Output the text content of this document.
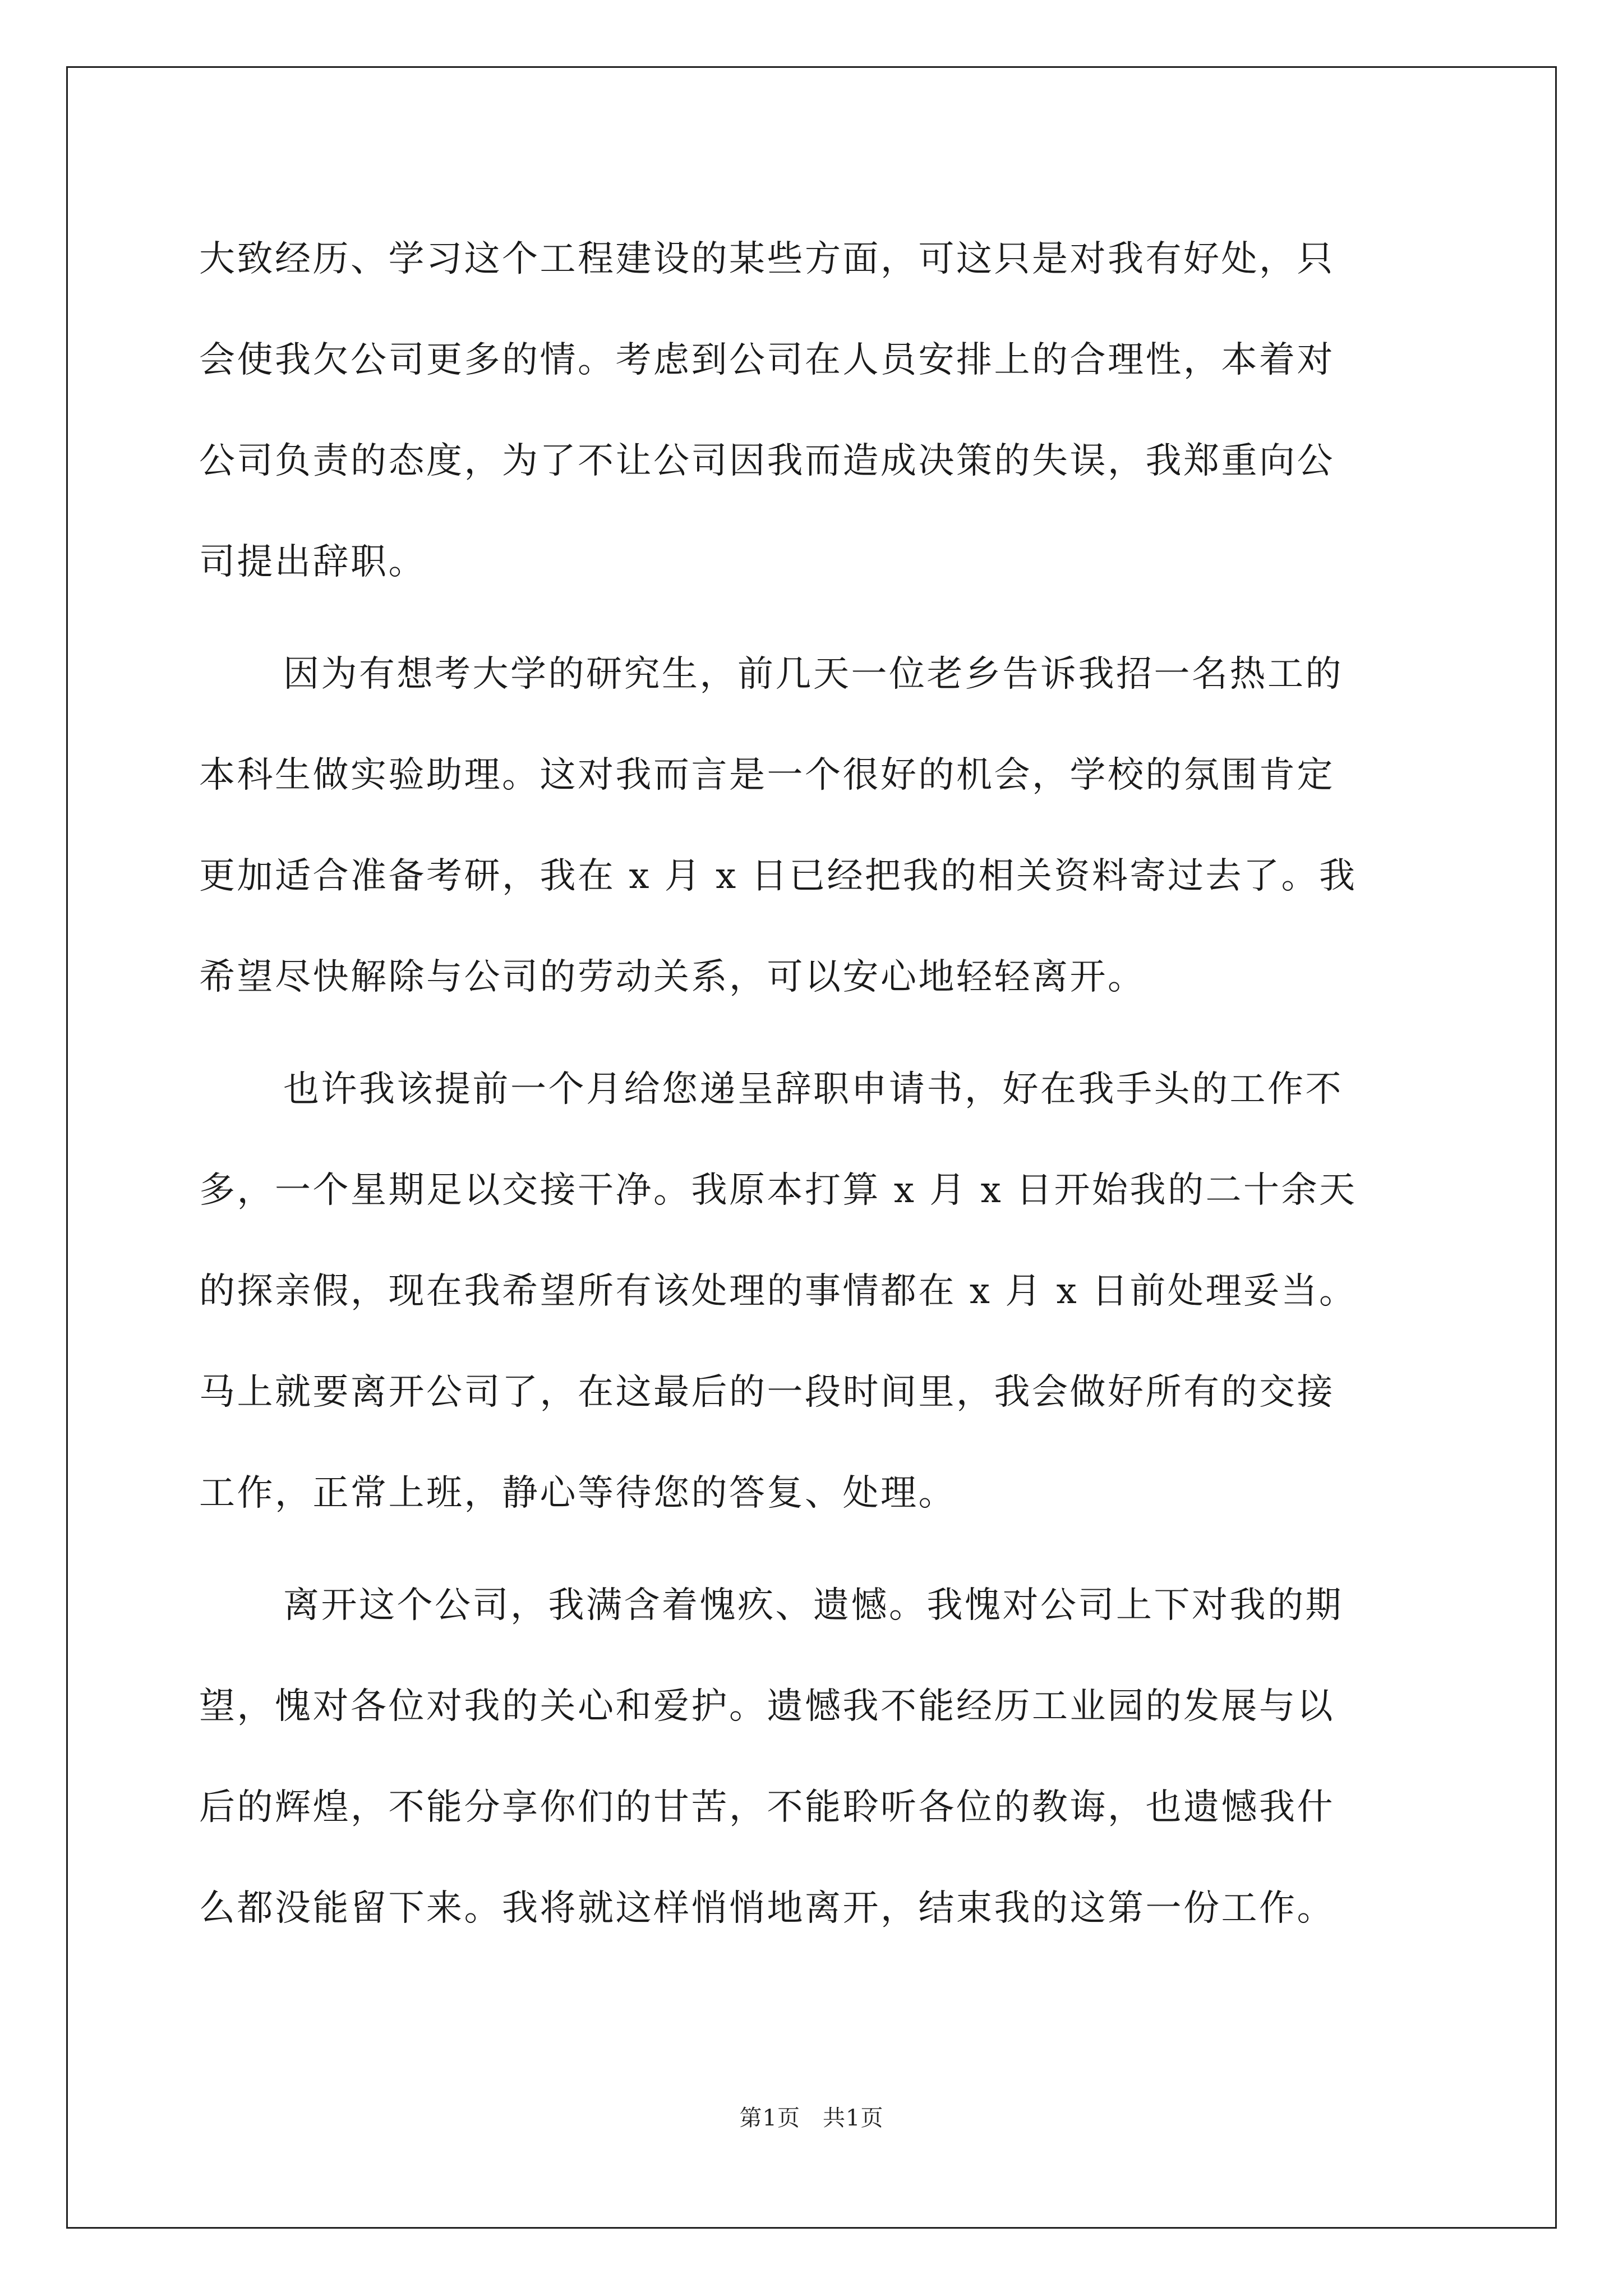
大致经历、学习这个工程建设的某些方面，可这只是对我有好处，只
会使我欠公司更多的情。考虑到公司在人员安排上的合理性，本着对
公司负责的态度，为了不让公司因我而造成决策的失误，我郑重向公
司提出辞职。
因为有想考大学的研究生，前几天一位老乡告诉我招一名热工的
本科生做实验助理。这对我而言是一个很好的机会，学校的氛围肯定
更加适合准备考研，我在 x 月 x 日已经把我的相关资料寄过去了。我
希望尽快解除与公司的劳动关系，可以安心地轻轻离开。
也许我该提前一个月给您递呈辞职申请书，好在我手头的工作不
多，一个星期足以交接干净。我原本打算 x 月 x 日开始我的二十余天
的探亲假，现在我希望所有该处理的事情都在 x 月 x 日前处理妥当。
马上就要离开公司了，在这最后的一段时间里，我会做好所有的交接
工作，正常上班，静心等待您的答复、处理。
离开这个公司，我满含着愧疚、遗憾。我愧对公司上下对我的期
望，愧对各位对我的关心和爱护。遗憾我不能经历工业园的发展与以
后的辉煌，不能分享你们的甘苦，不能聆听各位的教诲，也遗憾我什
么都没能留下来。我将就这样悄悄地离开，结束我的这第一份工作。
第1页 共1页
